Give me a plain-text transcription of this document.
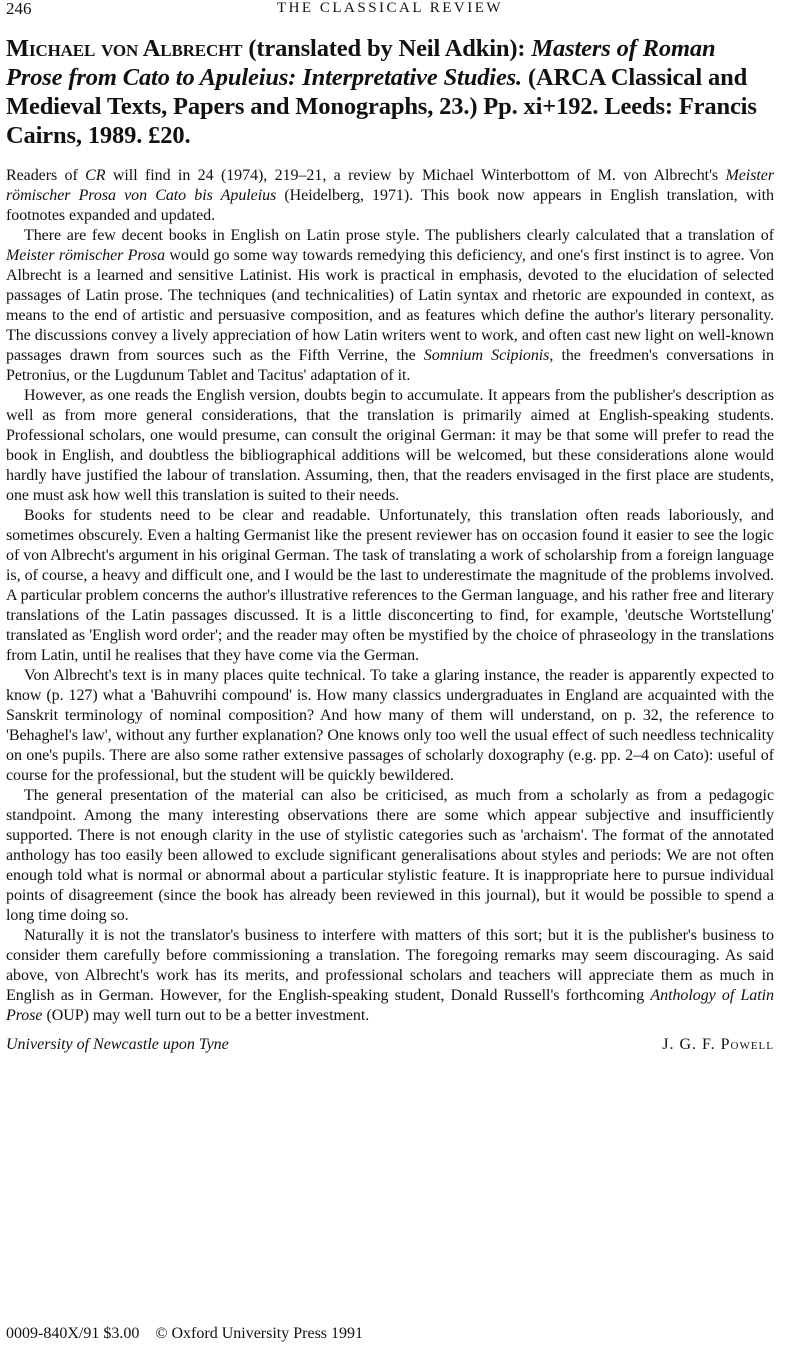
246	THE CLASSICAL REVIEW
Michael von Albrecht (translated by Neil Adkin): Masters of Roman Prose from Cato to Apuleius: Interpretative Studies. (ARCA Classical and Medieval Texts, Papers and Monographs, 23.) Pp. xi+192. Leeds: Francis Cairns, 1989. £20.

Readers of CR will find in 24 (1974), 219–21, a review by Michael Winterbottom of M. von Albrecht's Meister römischer Prosa von Cato bis Apuleius (Heidelberg, 1971). This book now appears in English translation, with footnotes expanded and updated.

There are few decent books in English on Latin prose style. The publishers clearly calculated that a translation of Meister römischer Prosa would go some way towards remedying this deficiency, and one's first instinct is to agree. Von Albrecht is a learned and sensitive Latinist. His work is practical in emphasis, devoted to the elucidation of selected passages of Latin prose. The techniques (and technicalities) of Latin syntax and rhetoric are expounded in context, as means to the end of artistic and persuasive composition, and as features which define the author's literary personality. The discussions convey a lively appreciation of how Latin writers went to work, and often cast new light on well-known passages drawn from sources such as the Fifth Verrine, the Somnium Scipionis, the freedmen's conversations in Petronius, or the Lugdunum Tablet and Tacitus' adaptation of it.

However, as one reads the English version, doubts begin to accumulate. It appears from the publisher's description as well as from more general considerations, that the translation is primarily aimed at English-speaking students. Professional scholars, one would presume, can consult the original German: it may be that some will prefer to read the book in English, and doubtless the bibliographical additions will be welcomed, but these considerations alone would hardly have justified the labour of translation. Assuming, then, that the readers envisaged in the first place are students, one must ask how well this translation is suited to their needs.

Books for students need to be clear and readable. Unfortunately, this translation often reads laboriously, and sometimes obscurely. Even a halting Germanist like the present reviewer has on occasion found it easier to see the logic of von Albrecht's argument in his original German. The task of translating a work of scholarship from a foreign language is, of course, a heavy and difficult one, and I would be the last to underestimate the magnitude of the problems involved. A particular problem concerns the author's illustrative references to the German language, and his rather free and literary translations of the Latin passages discussed. It is a little disconcerting to find, for example, 'deutsche Wortstellung' translated as 'English word order'; and the reader may often be mystified by the choice of phraseology in the translations from Latin, until he realises that they have come via the German.

Von Albrecht's text is in many places quite technical. To take a glaring instance, the reader is apparently expected to know (p. 127) what a 'Bahuvrihi compound' is. How many classics undergraduates in England are acquainted with the Sanskrit terminology of nominal composition? And how many of them will understand, on p. 32, the reference to 'Behaghel's law', without any further explanation? One knows only too well the usual effect of such needless technicality on one's pupils. There are also some rather extensive passages of scholarly doxography (e.g. pp. 2–4 on Cato): useful of course for the professional, but the student will be quickly bewildered.

The general presentation of the material can also be criticised, as much from a scholarly as from a pedagogic standpoint. Among the many interesting observations there are some which appear subjective and insufficiently supported. There is not enough clarity in the use of stylistic categories such as 'archaism'. The format of the annotated anthology has too easily been allowed to exclude significant generalisations about styles and periods: We are not often enough told what is normal or abnormal about a particular stylistic feature. It is inappropriate here to pursue individual points of disagreement (since the book has already been reviewed in this journal), but it would be possible to spend a long time doing so.

Naturally it is not the translator's business to interfere with matters of this sort; but it is the publisher's business to consider them carefully before commissioning a translation. The foregoing remarks may seem discouraging. As said above, von Albrecht's work has its merits, and professional scholars and teachers will appreciate them as much in English as in German. However, for the English-speaking student, Donald Russell's forthcoming Anthology of Latin Prose (OUP) may well turn out to be a better investment.

University of Newcastle upon Tyne	J. G. F. Powell
0009-840X/91 $3.00 © Oxford University Press 1991
